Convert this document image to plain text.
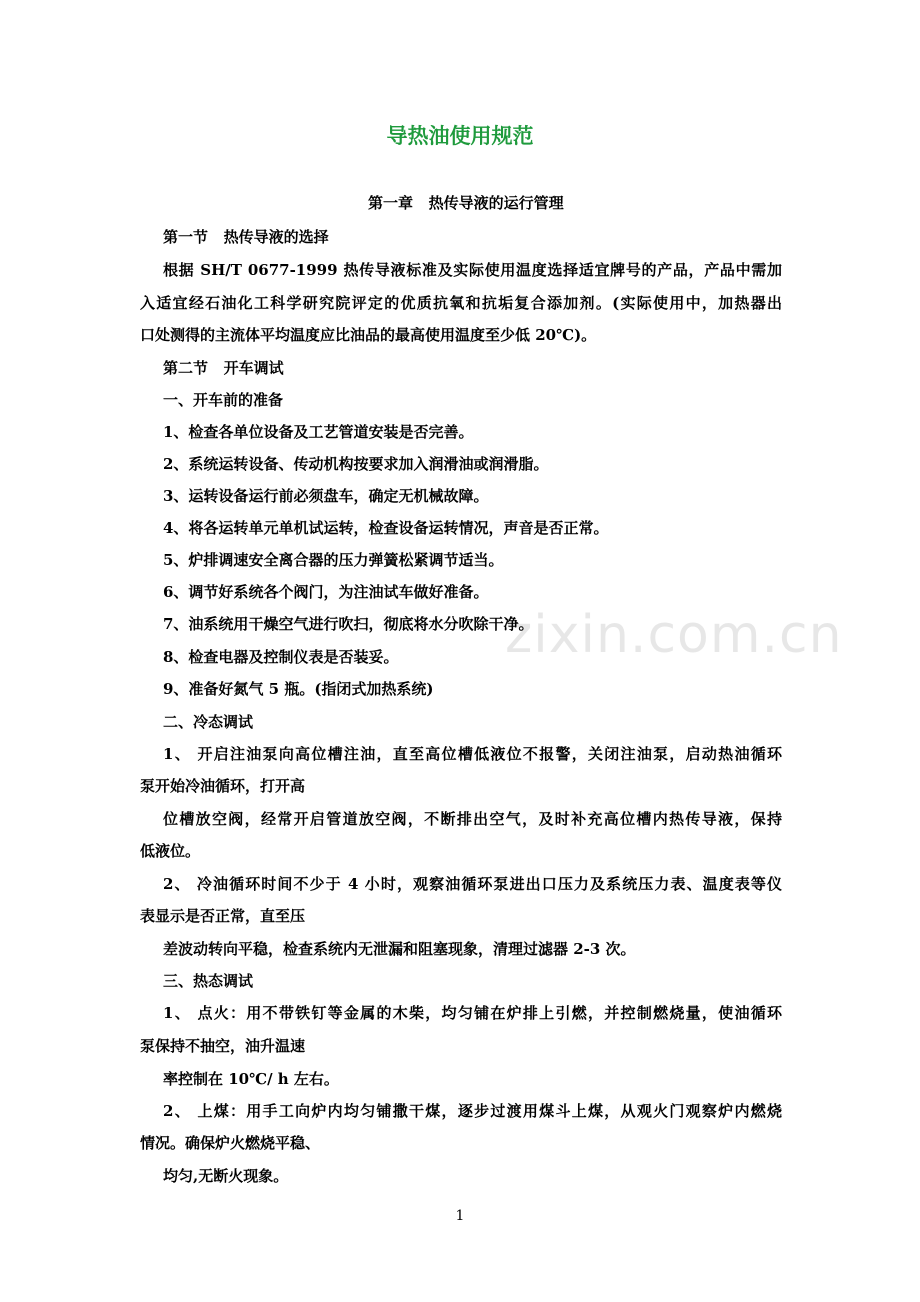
导热油使用规范
第一章   热传导液的运行管理
第一节   热传导液的选择
根据 SH/T 0677-1999 热传导液标准及实际使用温度选择适宜牌号的产品，产品中需加
入适宜经石油化工科学研究院评定的优质抗氧和抗垢复合添加剂。(实际使用中，加热器出
口处测得的主流体平均温度应比油品的最高使用温度至少低 20℃)。
第二节   开车调试
一、开车前的准备
1、检查各单位设备及工艺管道安装是否完善。
2、系统运转设备、传动机构按要求加入润滑油或润滑脂。
3、运转设备运行前必须盘车，确定无机械故障。
4、将各运转单元单机试运转，检查设备运转情况，声音是否正常。
5、炉排调速安全离合器的压力弹簧松紧调节适当。
6、调节好系统各个阀门，为注油试车做好准备。
7、油系统用干燥空气进行吹扫，彻底将水分吹除干净。
8、检查电器及控制仪表是否装妥。
9、准备好氮气 5 瓶。(指闭式加热系统)
二、冷态调试
1、 开启注油泵向高位槽注油，直至高位槽低液位不报警，关闭注油泵，启动热油循环
泵开始冷油循环，打开高
位槽放空阀，经常开启管道放空阀，不断排出空气，及时补充高位槽内热传导液，保持
低液位。
2、 冷油循环时间不少于 4 小时，观察油循环泵进出口压力及系统压力表、温度表等仪
表显示是否正常，直至压
差波动转向平稳，检查系统内无泄漏和阻塞现象，清理过滤器 2-3 次。
三、热态调试
1、 点火：用不带铁钉等金属的木柴，均匀铺在炉排上引燃，并控制燃烧量，使油循环
泵保持不抽空，油升温速
率控制在 10℃/ h 左右。
2、 上煤：用手工向炉内均匀铺撒干煤，逐步过渡用煤斗上煤，从观火门观察炉内燃烧
情况。确保炉火燃烧平稳、
均匀,无断火现象。
zixin.com.cn
1
